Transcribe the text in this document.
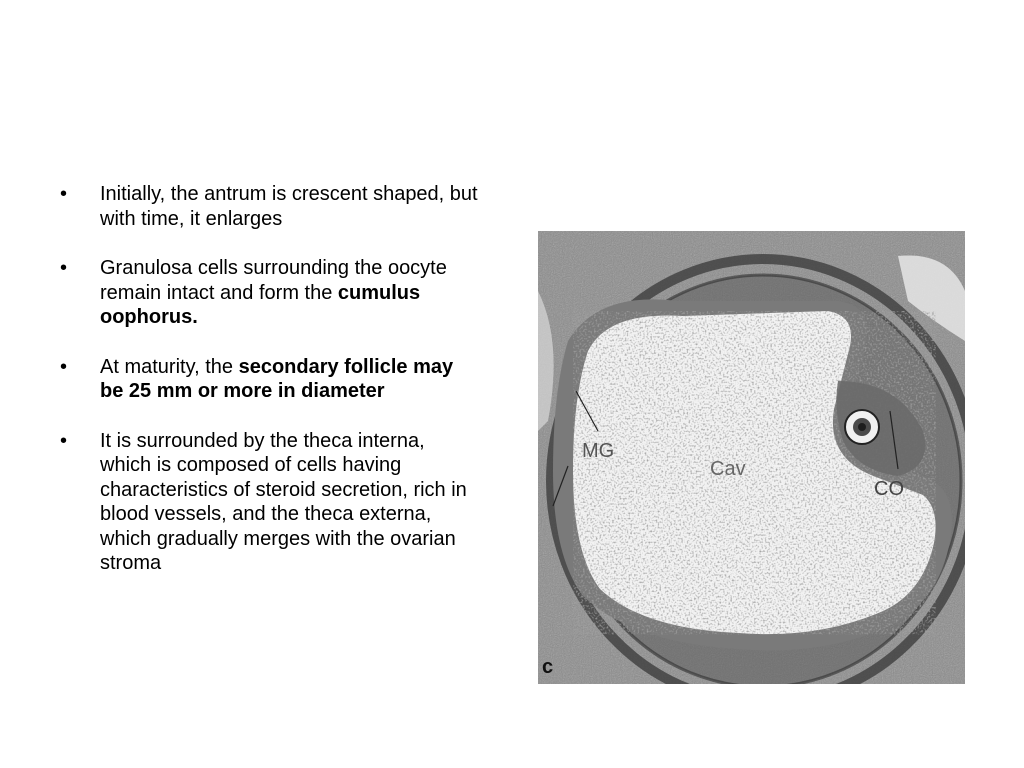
• Initially, the antrum is crescent shaped, but with time, it enlarges
• Granulosa cells surrounding the oocyte remain intact and form the cumulus oophorus.
• At maturity, the secondary follicle may be 25 mm or more in diameter
• It is surrounded by the theca interna, which is composed of cells having characteristics of steroid secretion, rich in blood vessels, and the theca externa, which gradually merges with the ovarian stroma
MG
Cav
CO
c
